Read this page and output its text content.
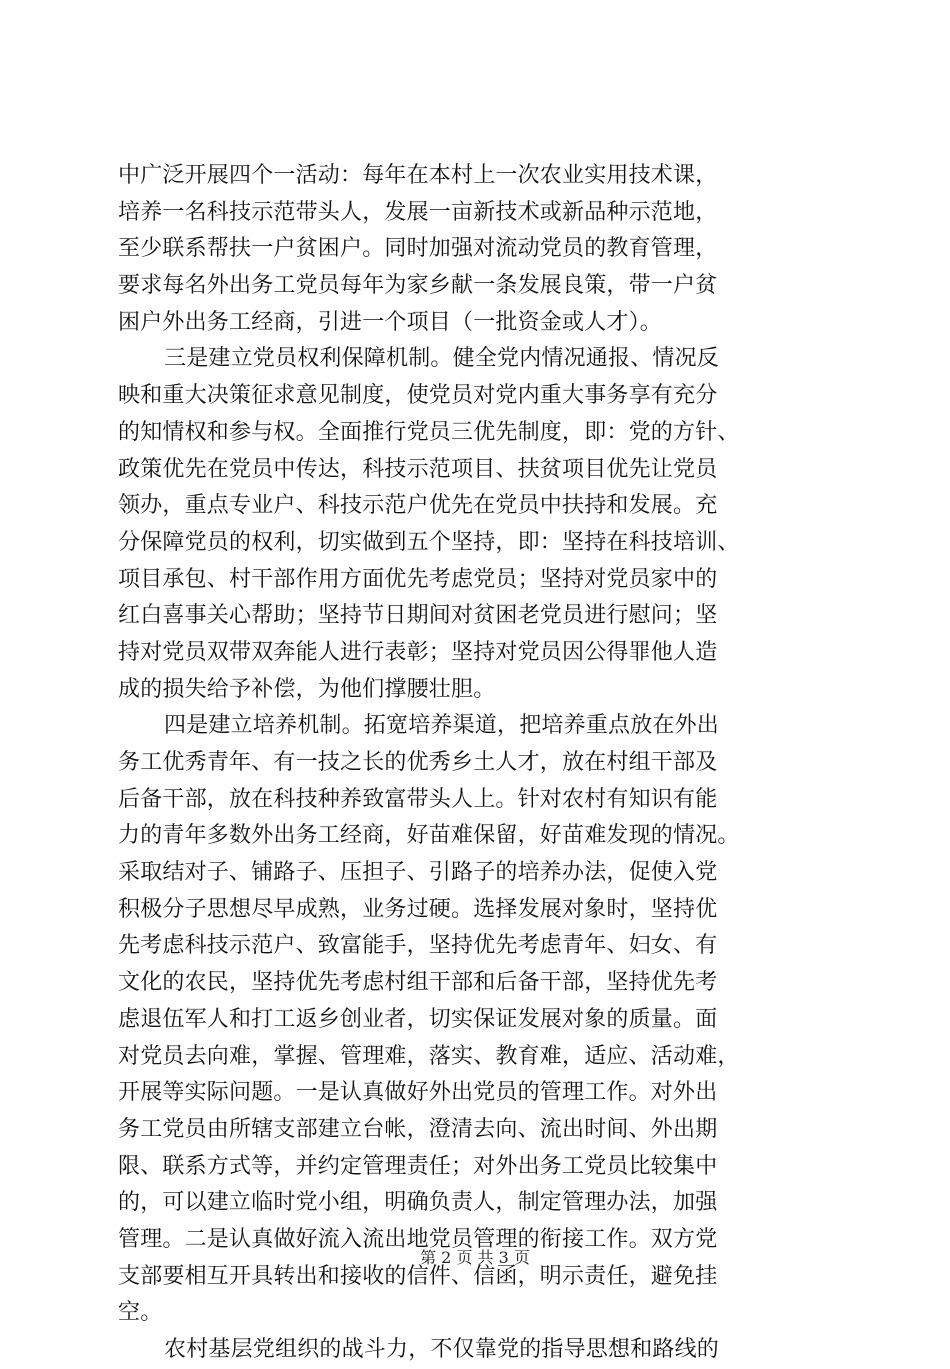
中广泛开展四个一活动：每年在本村上一次农业实用技术课，
培养一名科技示范带头人，发展一亩新技术或新品种示范地，
至少联系帮扶一户贫困户。同时加强对流动党员的教育管理，
要求每名外出务工党员每年为家乡献一条发展良策，带一户贫
困户外出务工经商，引进一个项目（一批资金或人才）。
三是建立党员权利保障机制。健全党内情况通报、情况反
映和重大决策征求意见制度，使党员对党内重大事务享有充分
的知情权和参与权。全面推行党员三优先制度，即：党的方针、
政策优先在党员中传达，科技示范项目、扶贫项目优先让党员
领办，重点专业户、科技示范户优先在党员中扶持和发展。充
分保障党员的权利，切实做到五个坚持，即：坚持在科技培训、
项目承包、村干部作用方面优先考虑党员；坚持对党员家中的
红白喜事关心帮助；坚持节日期间对贫困老党员进行慰问；坚
持对党员双带双奔能人进行表彰；坚持对党员因公得罪他人造
成的损失给予补偿，为他们撑腰壮胆。
四是建立培养机制。拓宽培养渠道，把培养重点放在外出
务工优秀青年、有一技之长的优秀乡土人才，放在村组干部及
后备干部，放在科技种养致富带头人上。针对农村有知识有能
力的青年多数外出务工经商，好苗难保留，好苗难发现的情况。
采取结对子、铺路子、压担子、引路子的培养办法，促使入党
积极分子思想尽早成熟，业务过硬。选择发展对象时，坚持优
先考虑科技示范户、致富能手，坚持优先考虑青年、妇女、有
文化的农民，坚持优先考虑村组干部和后备干部，坚持优先考
虑退伍军人和打工返乡创业者，切实保证发展对象的质量。面
对党员去向难，掌握、管理难，落实、教育难，适应、活动难，
开展等实际问题。一是认真做好外出党员的管理工作。对外出
务工党员由所辖支部建立台帐，澄清去向、流出时间、外出期
限、联系方式等，并约定管理责任；对外出务工党员比较集中
的，可以建立临时党小组，明确负责人，制定管理办法，加强
管理。二是认真做好流入流出地党员管理的衔接工作。双方党
支部要相互开具转出和接收的信件、信函，明示责任，避免挂
空。
农村基层党组织的战斗力，不仅靠党的指导思想和路线的
第 2 页 共 3 页
